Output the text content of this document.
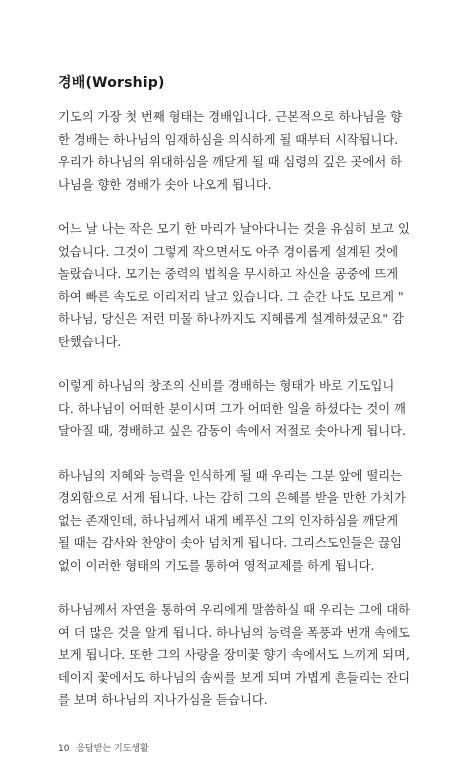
경배(Worship)

기도의 가장 첫 번째 형태는 경배입니다. 근본적으로 하나님을 향
한 경배는 하나님의 임재하심을 의식하게 될 때부터 시작됩니다.
우리가 하나님의 위대하심을 깨닫게 될 때 심령의 깊은 곳에서 하
나님을 향한 경배가 솟아 나오게 됩니다.

어느 날 나는 작은 모기 한 마리가 날아다니는 것을 유심히 보고 있
었습니다. 그것이 그렇게 작으면서도 아주 경이롭게 설계된 것에
놀랐습니다. 모기는 중력의 법칙을 무시하고 자신을 공중에 뜨게
하여 빠른 속도로 이리저리 날고 있습니다. 그 순간 나도 모르게 "
하나님, 당신은 저런 미물 하나까지도 지혜롭게 설계하셨군요" 감
탄했습니다.

이렇게 하나님의 창조의 신비를 경배하는 형태가 바로 기도입니
다. 하나님이 어떠한 분이시며 그가 어떠한 일을 하셨다는 것이 깨
달아질 때, 경배하고 싶은 감동이 속에서 저절로 솟아나게 됩니다.

하나님의 지혜와 능력을 인식하게 될 때 우리는 그분 앞에 떨리는
경외함으로 서게 됩니다. 나는 감히 그의 은혜를 받을 만한 가치가
없는 존재인데, 하나님께서 내게 베푸신 그의 인자하심을 깨닫게
될 때는 감사와 찬양이 솟아 넘치게 됩니다. 그리스도인들은 끊임
없이 이러한 형태의 기도를 통하여 영적교제를 하게 됩니다.

하나님께서 자연을 통하여 우리에게 말씀하실 때 우리는 그에 대하
여 더 많은 것을 알게 됩니다. 하나님의 능력을 폭풍과 번개 속에도
보게 됩니다. 또한 그의 사랑을 장미꽃 향기 속에서도 느끼게 되며,
데이지 꽃에서도 하나님의 솜씨를 보게 되며 가볍게 흔들리는 잔디
를 보며 하나님의 지나가심을 듣습니다.

10 응답받는 기도생활
